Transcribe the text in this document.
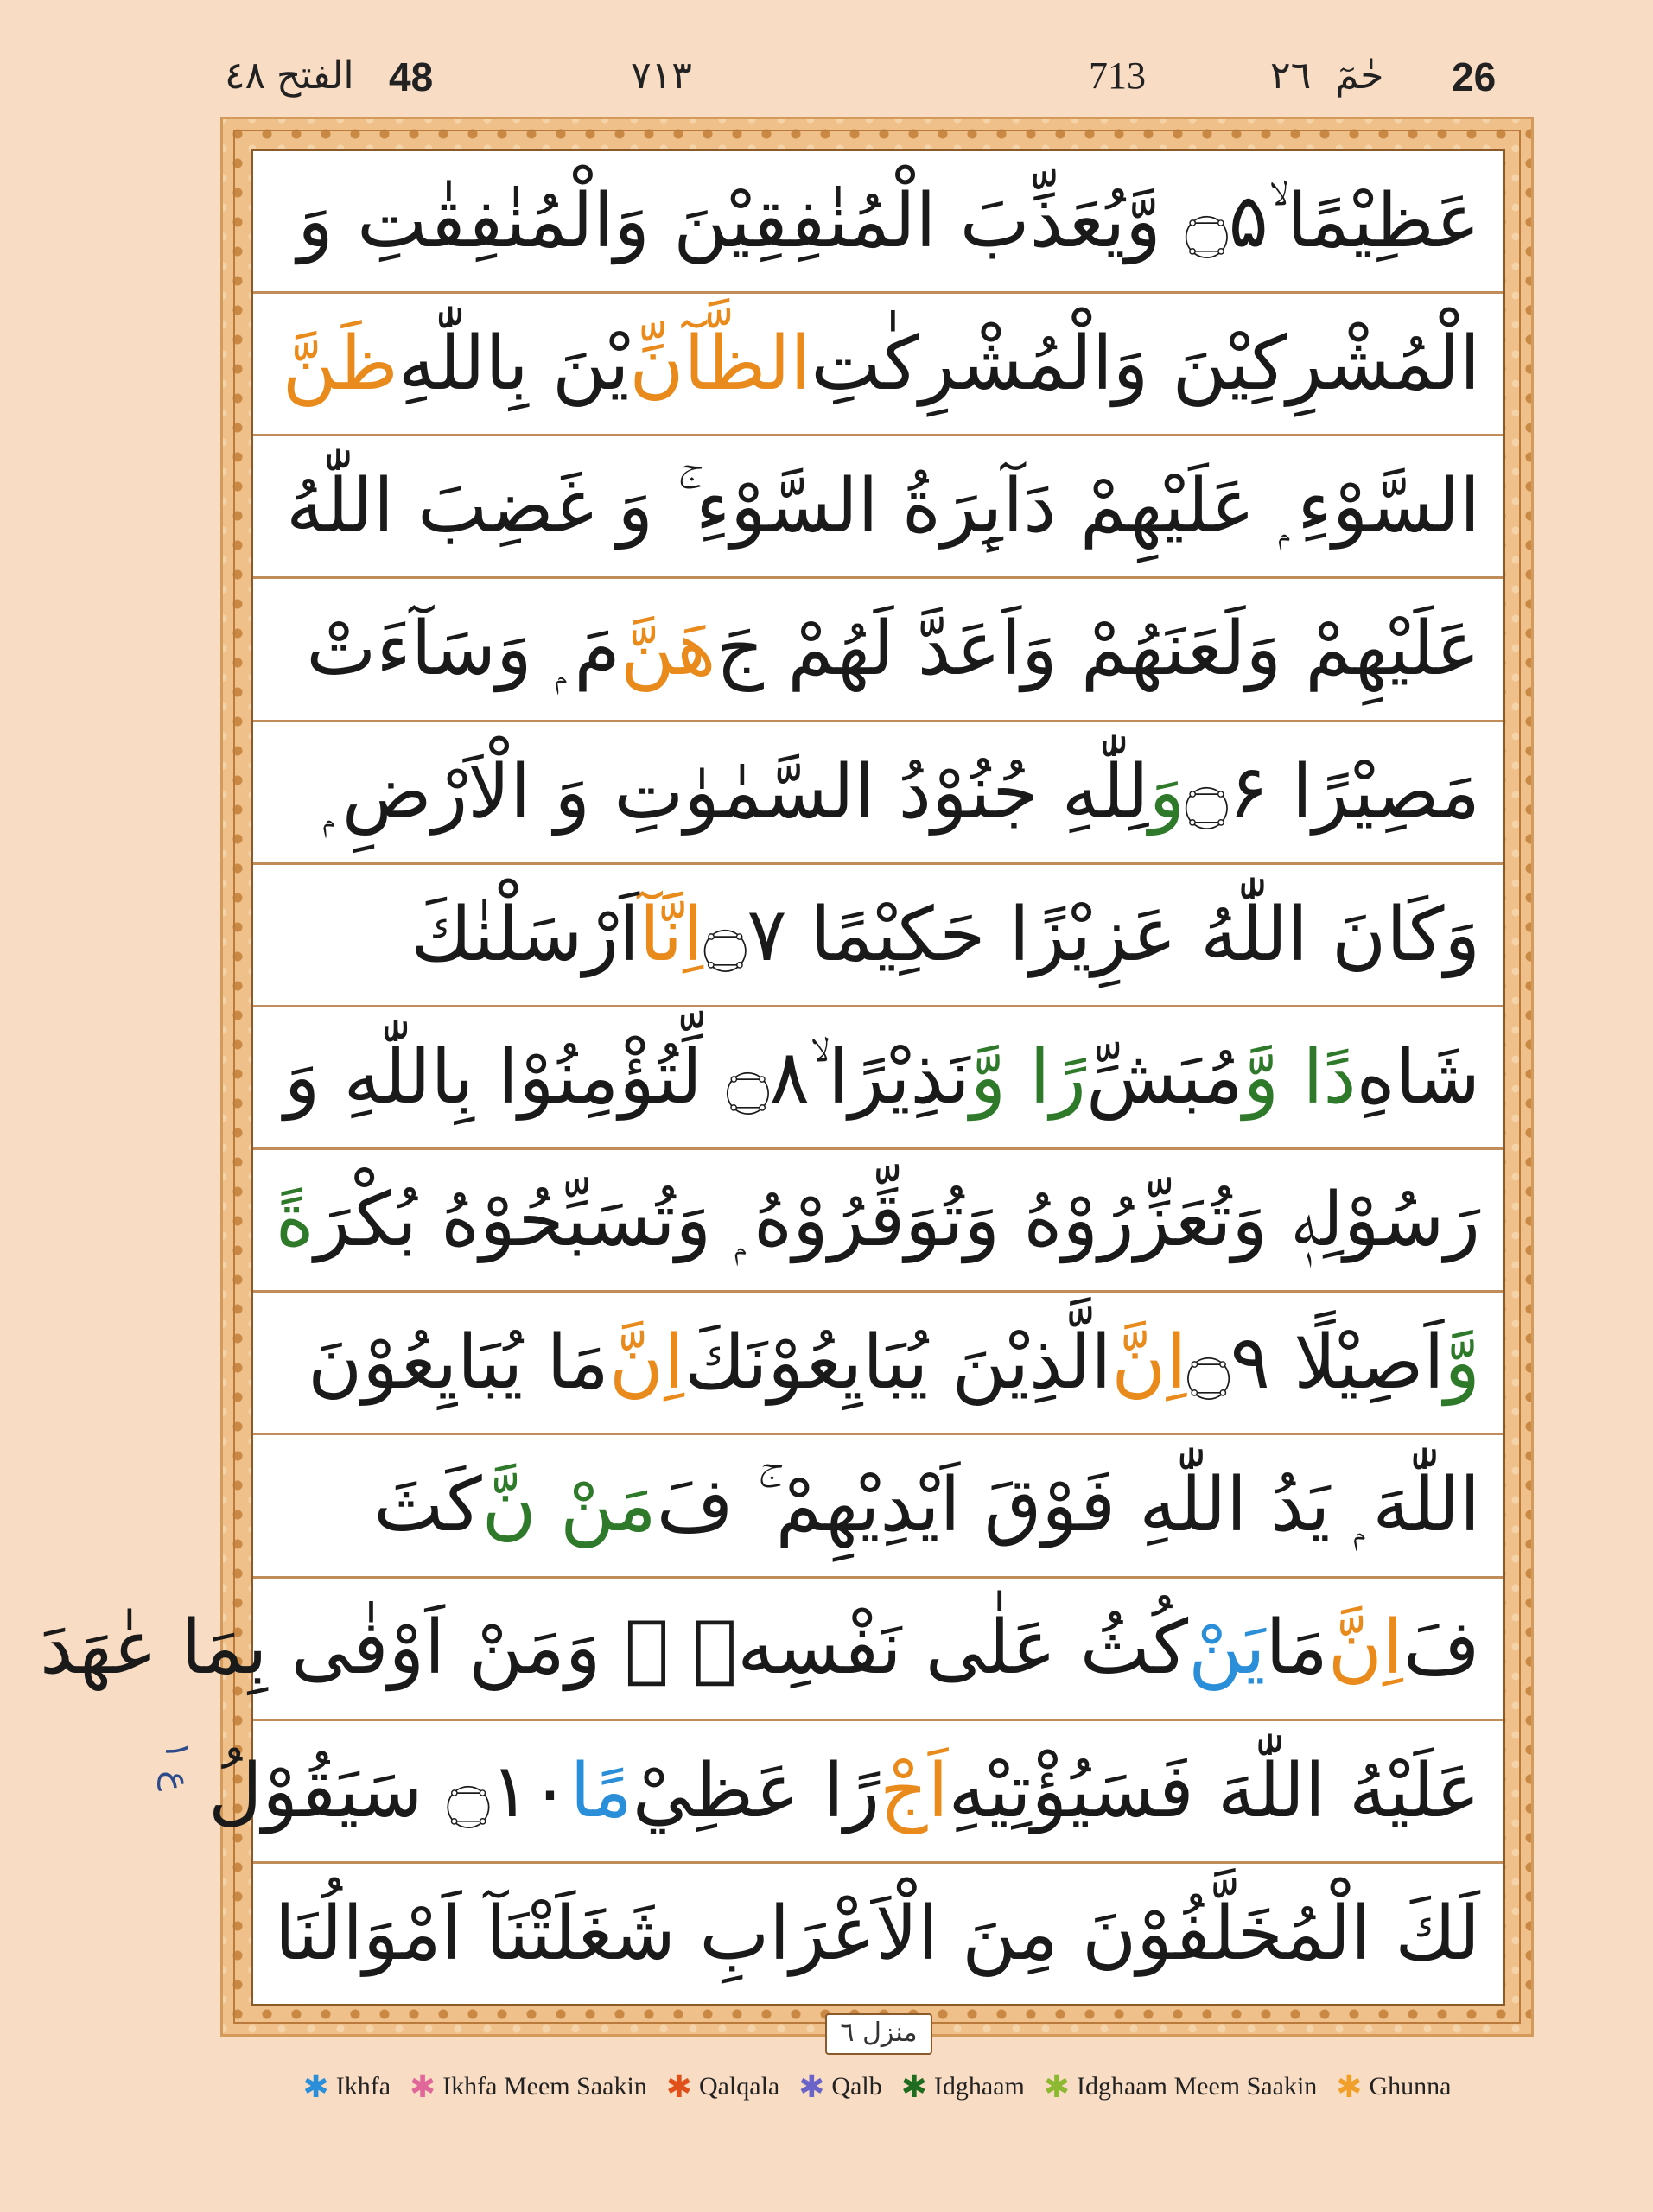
٤٨ الفتح 48	٧١٣	713	٢٦ حٰمٓ 26
عَظِيْمًا ۙ۝۵ وَّيُعَذِّبَ الْمُنٰفِقِيْنَ وَالْمُنٰفِقٰتِ وَ
الْمُشْرِكِيْنَ وَالْمُشْرِكٰتِ
الظَّآنِّ
يْنَ بِاللّٰهِ
ظَنَّ
السَّوْءِ ۭ عَلَيْهِمْ دَآىِٕرَةُ السَّوْءِ ۚ وَ غَضِبَ اللّٰهُ
عَلَيْهِمْ وَلَعَنَهُمْ وَاَعَدَّ لَهُمْ جَ
هَنَّ
مَ ۭ وَسَآءَتْ
مَصِيْرًا ۝۶
وَ
لِلّٰهِ جُنُوْدُ السَّمٰوٰتِ وَ الْاَرْضِ ۭ
وَكَانَ اللّٰهُ عَزِيْزًا حَكِيْمًا ۝۷
اِنَّآ
اَرْسَلْنٰكَ
شَاهِ
دًا وَّ
مُبَشِّ
رًا وَّ
نَذِيْرًا ۙ۝۸ لِّتُؤْمِنُوْا بِاللّٰهِ وَ
رَسُوْلِهٖ وَتُعَزِّرُوْهُ وَتُوَقِّرُوْهُ ۭ وَتُسَبِّحُوْهُ بُكْرَ
ةً
وَّ
اَصِيْلًا ۝۹
اِنَّ
الَّذِيْنَ يُبَايِعُوْنَكَ
اِنَّ
مَا يُبَايِعُوْنَ
اللّٰهَ ۭ يَدُ اللّٰهِ فَوْقَ اَيْدِيْهِمْ ۚ فَ
مَنْ نَّ
كَثَ
فَ
اِنَّ
مَا
يَنْ
كُثُ عَلٰى نَفْسِهٖ ۚ وَمَنْ اَوْفٰى بِمَا عٰهَدَ
عَلَيْهُ اللّٰهَ فَسَيُؤْتِيْهِ
اَجْ
رًا عَظِيْ
مًا
۝۱۰ سَيَقُوْلُ
لَكَ الْمُخَلَّفُوْنَ مِنَ الْاَعْرَابِ شَغَلَتْنَآ اَمْوَالُنَا
منزل ٦
ع ۱
✱ Ikhfa ✱ Ikhfa Meem Saakin ✱ Qalqala ✱ Qalb ✱ Idghaam ✱ Idghaam Meem Saakin ✱ Ghunna
